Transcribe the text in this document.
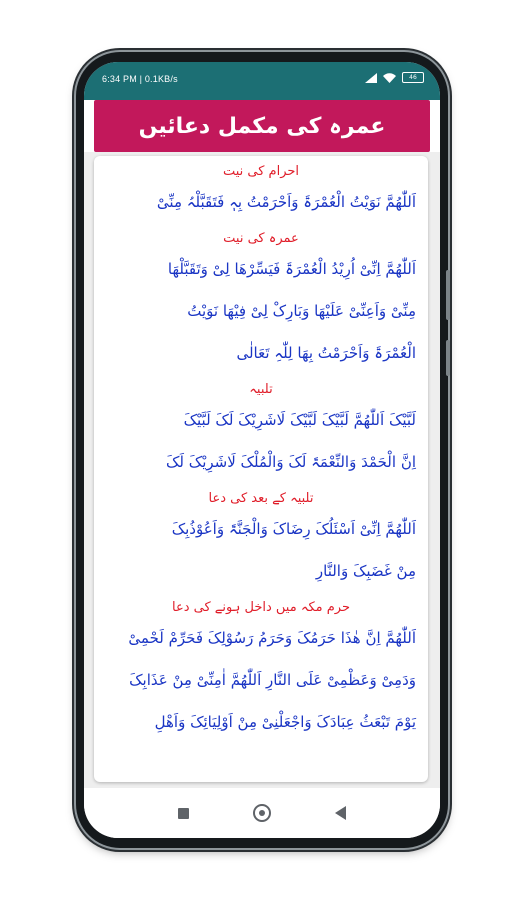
6:34 PM | 0.1KB/s	46
عمرہ کی مکمل دعائیں
احرام کی نیت
اَللّٰھُمَّ نَوَیْتُ الْعُمْرَۃَ وَاَحْرَمْتُ بِہٖ فَتَقَبَّلْہُ مِنِّیْ
عمرہ کی نیت
اَللّٰھُمَّ اِنِّیْ اُرِیْدُ الْعُمْرَۃَ فَیَسِّرْھَا لِیْ وَتَقَبَّلْھَا
مِنِّیْ وَاَعِنِّیْ عَلَیْھَا وَبَارِکْ لِیْ فِیْھَا نَوَیْتُ
الْعُمْرَۃَ وَاَحْرَمْتُ بِھَا لِلّٰہِ تَعَالٰی
تلبیہ
لَبَّیْکَ اَللّٰھُمَّ لَبَّیْکَ لَبَّیْکَ لَاشَرِیْکَ لَکَ لَبَّیْکَ
اِنَّ الْحَمْدَ وَالنِّعْمَۃَ لَکَ وَالْمُلْکَ لَاشَرِیْکَ لَکَ
تلبیہ کے بعد کی دعا
اَللّٰھُمَّ اِنِّیْ اَسْئَلُکَ رِضَاکَ وَالْجَنَّۃَ وَاَعُوْذُبِکَ
مِنْ غَضَبِکَ وَالنَّارِ
حرم مکہ میں داخل ہونے کی دعا
اَللّٰھُمَّ اِنَّ ھٰذَا حَرَمُکَ وَحَرَمُ رَسُوْلِکَ فَحَرِّمْ لَحْمِیْ
وَدَمِیْ وَعَظْمِیْ عَلَی النَّارِ اَللّٰھُمَّ اٰمِنِّیْ مِنْ عَذَابِکَ
یَوْمَ تَبْعَثُ عِبَادَکَ وَاجْعَلْنِیْ مِنْ اَوْلِیَائِکَ وَاَھْلِ
